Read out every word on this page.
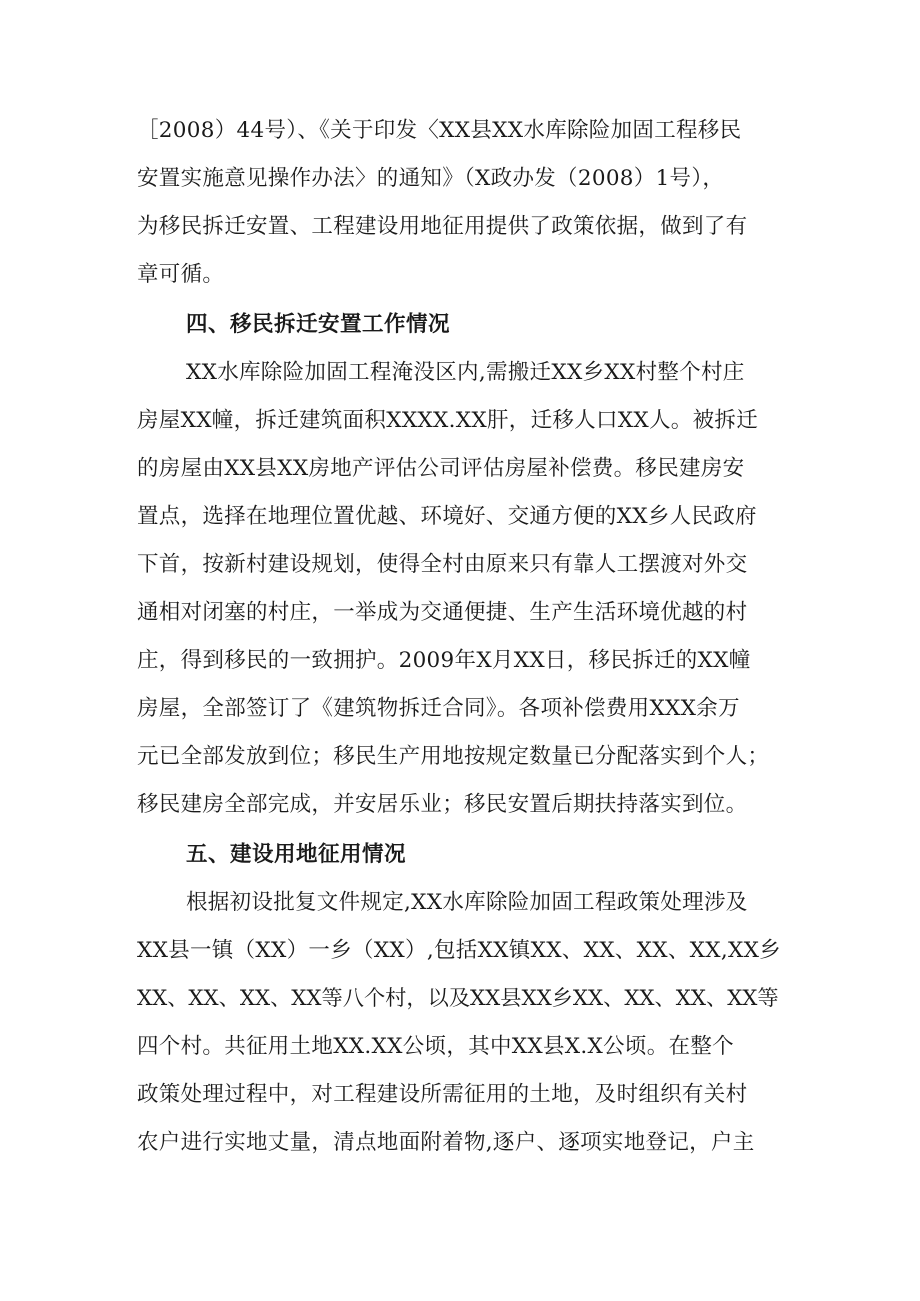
［2008）44号）、《关于印发〈XX县XX水库除险加固工程移民
安置实施意见操作办法〉的通知》（X政办发（2008）1号），
为移民拆迁安置、工程建设用地征用提供了政策依据，做到了有
章可循。
四、移民拆迁安置工作情况
XX水库除险加固工程淹没区内,需搬迁XX乡XX村整个村庄
房屋XX幢，拆迁建筑面积XXXX.XX肝，迁移人口XX人。被拆迁
的房屋由XX县XX房地产评估公司评估房屋补偿费。移民建房安
置点，选择在地理位置优越、环境好、交通方便的XX乡人民政府
下首，按新村建设规划，使得全村由原来只有靠人工摆渡对外交
通相对闭塞的村庄，一举成为交通便捷、生产生活环境优越的村
庄，得到移民的一致拥护。2009年X月XX日，移民拆迁的XX幢
房屋，全部签订了《建筑物拆迁合同》。各项补偿费用XXX余万
元已全部发放到位；移民生产用地按规定数量已分配落实到个人；
移民建房全部完成，并安居乐业；移民安置后期扶持落实到位。
五、建设用地征用情况
根据初设批复文件规定,XX水库除险加固工程政策处理涉及
XX县一镇（XX）一乡（XX）,包括XX镇XX、XX、XX、XX,XX乡
XX、XX、XX、XX等八个村，以及XX县XX乡XX、XX、XX、XX等
四个村。共征用土地XX.XX公顷，其中XX县X.X公顷。在整个
政策处理过程中，对工程建设所需征用的土地，及时组织有关村
农户进行实地丈量，清点地面附着物,逐户、逐项实地登记，户主
